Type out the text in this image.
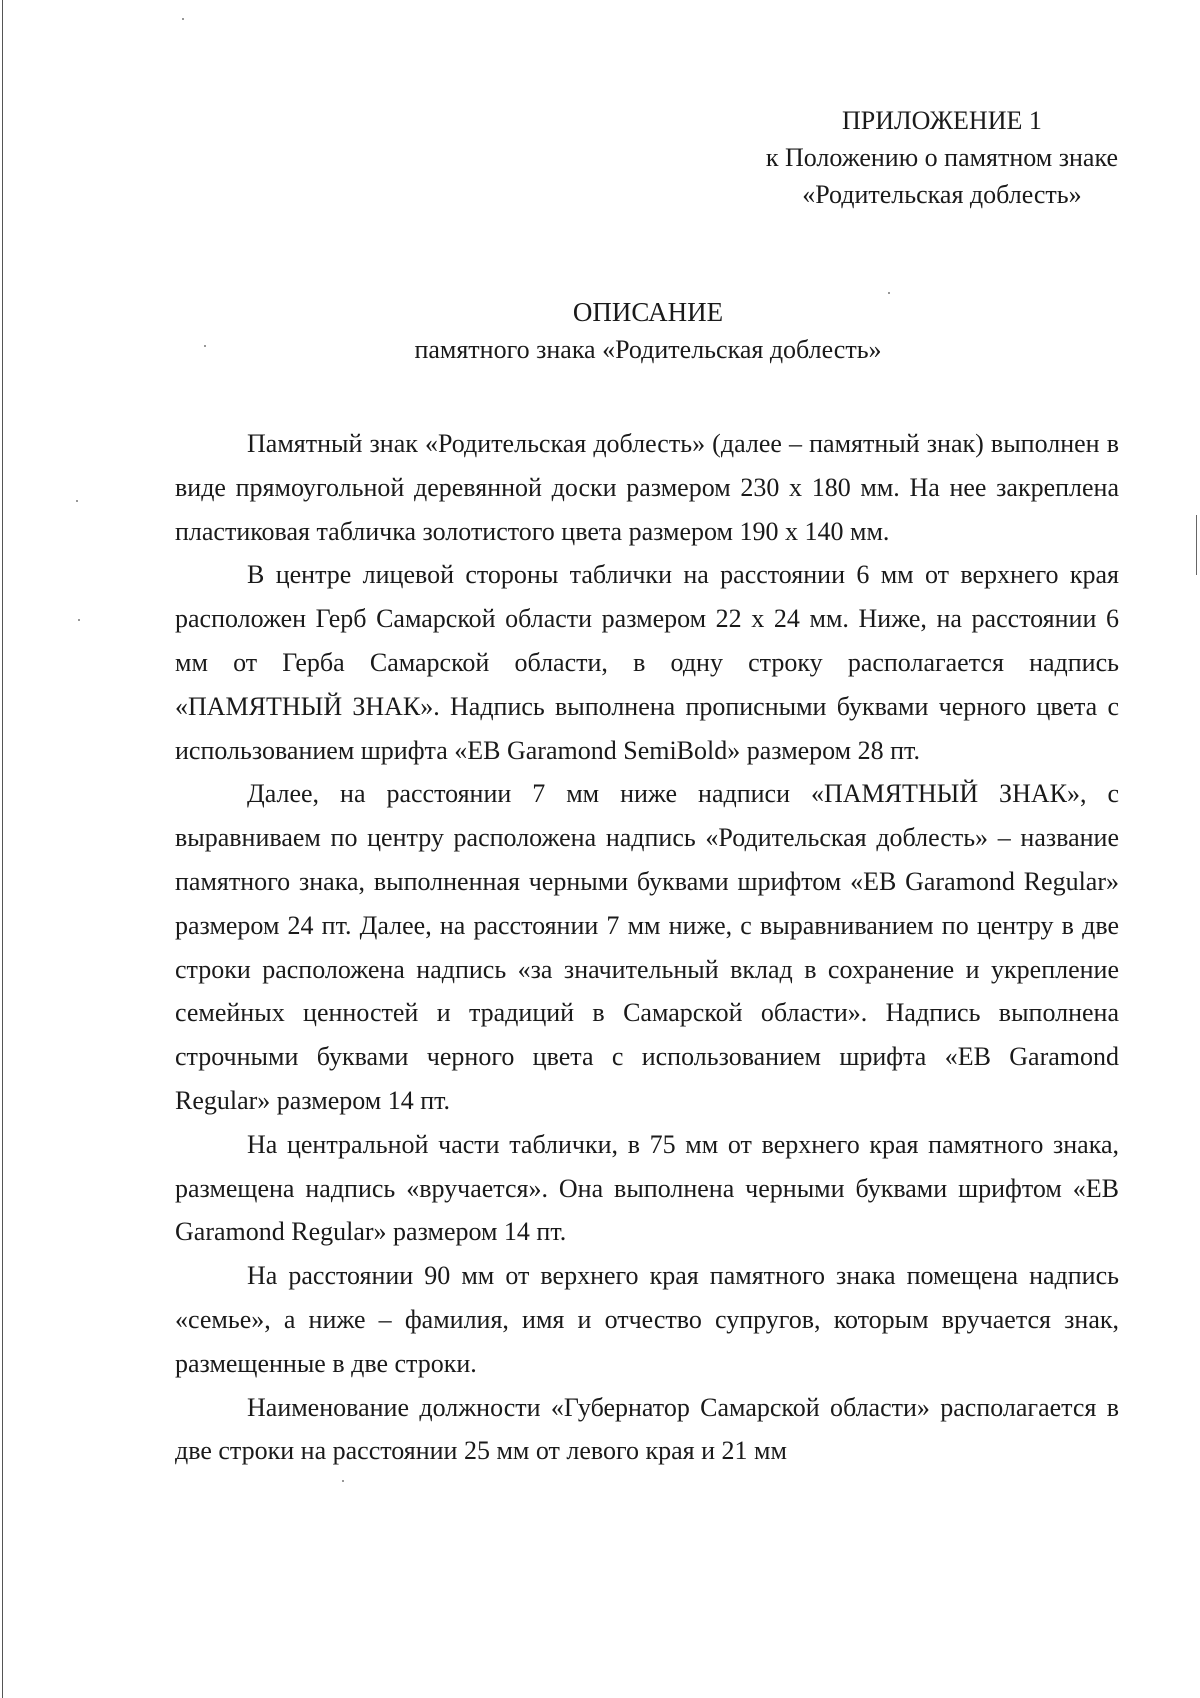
ПРИЛОЖЕНИЕ 1
к Положению о памятном знаке
«Родительская доблесть»
ОПИСАНИЕ
памятного знака «Родительская доблесть»

Памятный знак «Родительская доблесть» (далее – памятный знак) выполнен в виде прямоугольной деревянной доски размером 230 x 180 мм. На нее закреплена пластиковая табличка золотистого цвета размером 190 x 140 мм.

В центре лицевой стороны таблички на расстоянии 6 мм от верхнего края расположен Герб Самарской области размером 22 x 24 мм. Ниже, на расстоянии 6 мм от Герба Самарской области, в одну строку располагается надпись «ПАМЯТНЫЙ ЗНАК». Надпись выполнена прописными буквами черного цвета с использованием шрифта «EB Garamond SemiBold» размером 28 пт.

Далее, на расстоянии 7 мм ниже надписи «ПАМЯТНЫЙ ЗНАК», с выравниваем по центру расположена надпись «Родительская доблесть» – название памятного знака, выполненная черными буквами шрифтом «EB Garamond Regular» размером 24 пт. Далее, на расстоянии 7 мм ниже, с выравниванием по центру в две строки расположена надпись «за значительный вклад в сохранение и укрепление семейных ценностей и традиций в Самарской области». Надпись выполнена строчными буквами черного цвета с использованием шрифта «EB Garamond Regular» размером 14 пт.

На центральной части таблички, в 75 мм от верхнего края памятного знака, размещена надпись «вручается». Она выполнена черными буквами шрифтом «EB Garamond Regular» размером 14 пт.

На расстоянии 90 мм от верхнего края памятного знака помещена надпись «семье», а ниже – фамилия, имя и отчество супругов, которым вручается знак, размещенные в две строки.

Наименование должности «Губернатор Самарской области» располагается в две строки на расстоянии 25 мм от левого края и 21 мм
